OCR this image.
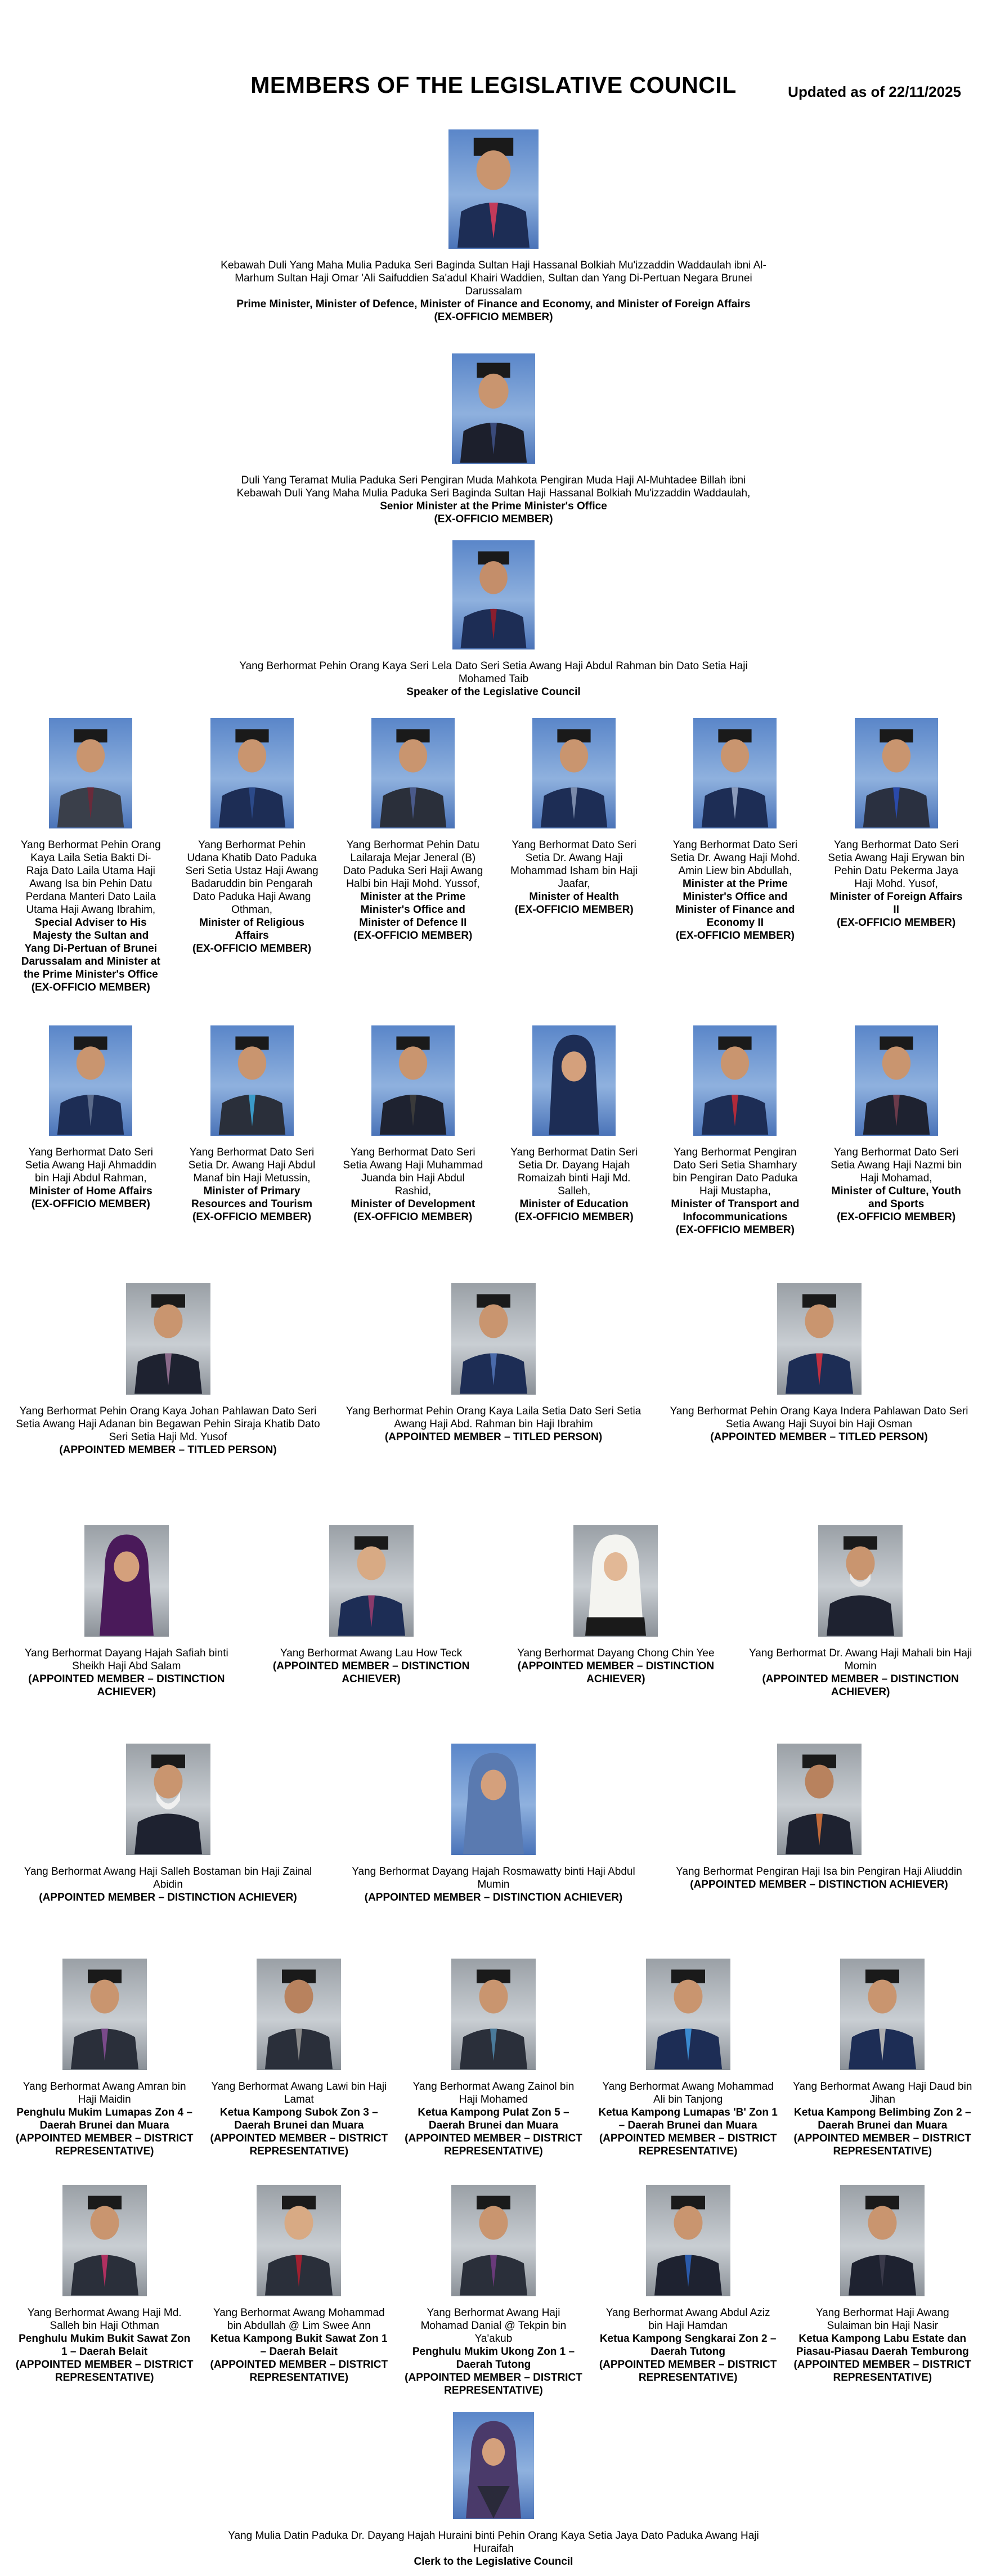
MEMBERS OF THE LEGISLATIVE COUNCIL	Updated as of 22/11/2025
Kebawah Duli Yang Maha Mulia Paduka Seri Baginda Sultan Haji Hassanal Bolkiah Mu'izzaddin Waddaulah ibni Al-Marhum Sultan Haji Omar 'Ali Saifuddien Sa'adul Khairi Waddien, Sultan dan Yang Di-Pertuan Negara Brunei Darussalam
Prime Minister, Minister of Defence, Minister of Finance and Economy, and Minister of Foreign Affairs
(EX-OFFICIO MEMBER)
Duli Yang Teramat Mulia Paduka Seri Pengiran Muda Mahkota Pengiran Muda Haji Al-Muhtadee Billah ibni Kebawah Duli Yang Maha Mulia Paduka Seri Baginda Sultan Haji Hassanal Bolkiah Mu'izzaddin Waddaulah,
Senior Minister at the Prime Minister's Office
(EX-OFFICIO MEMBER)
Yang Berhormat Pehin Orang Kaya Seri Lela Dato Seri Setia Awang Haji Abdul Rahman bin Dato Setia Haji Mohamed Taib
Speaker of the Legislative Council
Yang Berhormat Pehin Orang Kaya Laila Setia Bakti Di-Raja Dato Laila Utama Haji Awang Isa bin Pehin Datu Perdana Manteri Dato Laila Utama Haji Awang Ibrahim,
Special Adviser to His Majesty the Sultan and Yang Di-Pertuan of Brunei Darussalam and Minister at the Prime Minister's Office
(EX-OFFICIO MEMBER)
Yang Berhormat Pehin Udana Khatib Dato Paduka Seri Setia Ustaz Haji Awang Badaruddin bin Pengarah Dato Paduka Haji Awang Othman,
Minister of Religious Affairs
(EX-OFFICIO MEMBER)
Yang Berhormat Pehin Datu Lailaraja Mejar Jeneral (B) Dato Paduka Seri Haji Awang Halbi bin Haji Mohd. Yussof,
Minister at the Prime Minister's Office and Minister of Defence II
(EX-OFFICIO MEMBER)
Yang Berhormat Dato Seri Setia Dr. Awang Haji Mohammad Isham bin Haji Jaafar,
Minister of Health
(EX-OFFICIO MEMBER)
Yang Berhormat Dato Seri Setia Dr. Awang Haji Mohd. Amin Liew bin Abdullah,
Minister at the Prime Minister's Office and Minister of Finance and Economy II
(EX-OFFICIO MEMBER)
Yang Berhormat Dato Seri Setia Awang Haji Erywan bin Pehin Datu Pekerma Jaya Haji Mohd. Yusof,
Minister of Foreign Affairs II
(EX-OFFICIO MEMBER)
Yang Berhormat Dato Seri Setia Awang Haji Ahmaddin bin Haji Abdul Rahman,
Minister of Home Affairs
(EX-OFFICIO MEMBER)
Yang Berhormat Dato Seri Setia Dr. Awang Haji Abdul Manaf bin Haji Metussin,
Minister of Primary Resources and Tourism
(EX-OFFICIO MEMBER)
Yang Berhormat Dato Seri Setia Awang Haji Muhammad Juanda bin Haji Abdul Rashid,
Minister of Development
(EX-OFFICIO MEMBER)
Yang Berhormat Datin Seri Setia Dr. Dayang Hajah Romaizah binti Haji Md. Salleh,
Minister of Education
(EX-OFFICIO MEMBER)
Yang Berhormat Pengiran Dato Seri Setia Shamhary bin Pengiran Dato Paduka Haji Mustapha,
Minister of Transport and Infocommunications
(EX-OFFICIO MEMBER)
Yang Berhormat Dato Seri Setia Awang Haji Nazmi bin Haji Mohamad,
Minister of Culture, Youth and Sports
(EX-OFFICIO MEMBER)
Yang Berhormat Pehin Orang Kaya Johan Pahlawan Dato Seri Setia Awang Haji Adanan bin Begawan Pehin Siraja Khatib Dato Seri Setia Haji Md. Yusof
(APPOINTED MEMBER – TITLED PERSON)
Yang Berhormat Pehin Orang Kaya Laila Setia Dato Seri Setia Awang Haji Abd. Rahman bin Haji Ibrahim
(APPOINTED MEMBER – TITLED PERSON)
Yang Berhormat Pehin Orang Kaya Indera Pahlawan Dato Seri Setia Awang Haji Suyoi bin Haji Osman
(APPOINTED MEMBER – TITLED PERSON)
Yang Berhormat Dayang Hajah Safiah binti Sheikh Haji Abd Salam
(APPOINTED MEMBER – DISTINCTION ACHIEVER)
Yang Berhormat Awang Lau How Teck
(APPOINTED MEMBER – DISTINCTION ACHIEVER)
Yang Berhormat Dayang Chong Chin Yee
(APPOINTED MEMBER – DISTINCTION ACHIEVER)
Yang Berhormat Dr. Awang Haji Mahali bin Haji Momin
(APPOINTED MEMBER – DISTINCTION ACHIEVER)
Yang Berhormat Awang Haji Salleh Bostaman bin Haji Zainal Abidin
(APPOINTED MEMBER – DISTINCTION ACHIEVER)
Yang Berhormat Dayang Hajah Rosmawatty binti Haji Abdul Mumin
(APPOINTED MEMBER – DISTINCTION ACHIEVER)
Yang Berhormat Pengiran Haji Isa bin Pengiran Haji Aliuddin
(APPOINTED MEMBER – DISTINCTION ACHIEVER)
Yang Berhormat Awang Amran bin Haji Maidin
Penghulu Mukim Lumapas Zon 4 – Daerah Brunei dan Muara
(APPOINTED MEMBER – DISTRICT REPRESENTATIVE)
Yang Berhormat Awang Lawi bin Haji Lamat
Ketua Kampong Subok Zon 3 – Daerah Brunei dan Muara
(APPOINTED MEMBER – DISTRICT REPRESENTATIVE)
Yang Berhormat Awang Zainol bin Haji Mohamed
Ketua Kampong Pulat Zon 5 – Daerah Brunei dan Muara
(APPOINTED MEMBER – DISTRICT REPRESENTATIVE)
Yang Berhormat Awang Mohammad Ali bin Tanjong
Ketua Kampong Lumapas 'B' Zon 1 – Daerah Brunei dan Muara
(APPOINTED MEMBER – DISTRICT REPRESENTATIVE)
Yang Berhormat Awang Haji Daud bin Jihan
Ketua Kampong Belimbing Zon 2 – Daerah Brunei dan Muara
(APPOINTED MEMBER – DISTRICT REPRESENTATIVE)
Yang Berhormat Awang Haji Md. Salleh bin Haji Othman
Penghulu Mukim Bukit Sawat Zon 1 – Daerah Belait
(APPOINTED MEMBER – DISTRICT REPRESENTATIVE)
Yang Berhormat Awang Mohammad bin Abdullah @ Lim Swee Ann
Ketua Kampong Bukit Sawat Zon 1 – Daerah Belait
(APPOINTED MEMBER – DISTRICT REPRESENTATIVE)
Yang Berhormat Awang Haji Mohamad Danial @ Tekpin bin Ya'akub
Penghulu Mukim Ukong Zon 1 – Daerah Tutong
(APPOINTED MEMBER – DISTRICT REPRESENTATIVE)
Yang Berhormat Awang Abdul Aziz bin Haji Hamdan
Ketua Kampong Sengkarai Zon 2 – Daerah Tutong
(APPOINTED MEMBER – DISTRICT REPRESENTATIVE)
Yang Berhormat Haji Awang Sulaiman bin Haji Nasir
Ketua Kampong Labu Estate dan Piasau-Piasau Daerah Temburong
(APPOINTED MEMBER – DISTRICT REPRESENTATIVE)
Yang Mulia Datin Paduka Dr. Dayang Hajah Huraini binti Pehin Orang Kaya Setia Jaya Dato Paduka Awang Haji Huraifah
Clerk to the Legislative Council
